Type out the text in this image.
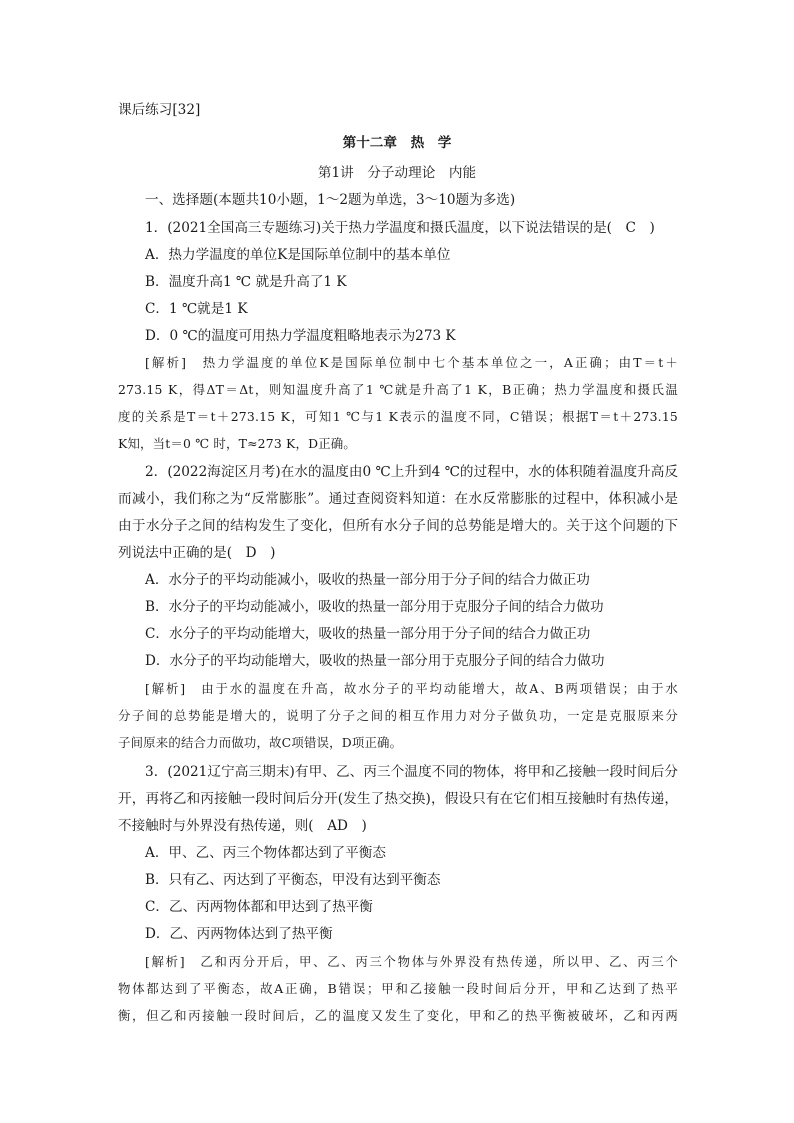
课后练习[32]
第十二章　热　学
第1讲　分子动理论　内能
一、选择题(本题共10小题，1～2题为单选，3～10题为多选)
1．(2021全国高三专题练习)关于热力学温度和摄氏温度，以下说法错误的是(　C　)
A．热力学温度的单位K是国际单位制中的基本单位
B．温度升高1 ℃ 就是升高了1 K
C．1 ℃就是1 K
D．0 ℃的温度可用热力学温度粗略地表示为273 K
[解析]　热力学温度的单位K是国际单位制中七个基本单位之一，A正确；由T＝t＋
273.15 K，得ΔT＝Δt，则知温度升高了1 ℃就是升高了1 K，B正确；热力学温度和摄氏温
度的关系是T＝t＋273.15 K，可知1 ℃与1 K表示的温度不同，C错误；根据T＝t＋273.15
K知，当t＝0 ℃ 时，T≈273 K，D正确。
2．(2022海淀区月考)在水的温度由0 ℃上升到4 ℃的过程中，水的体积随着温度升高反
而减小，我们称之为“反常膨胀”。通过查阅资料知道：在水反常膨胀的过程中，体积减小是
由于水分子之间的结构发生了变化，但所有水分子间的总势能是增大的。关于这个问题的下
列说法中正确的是(　D　)
A．水分子的平均动能减小，吸收的热量一部分用于分子间的结合力做正功
B．水分子的平均动能减小，吸收的热量一部分用于克服分子间的结合力做功
C．水分子的平均动能增大，吸收的热量一部分用于分子间的结合力做正功
D．水分子的平均动能增大，吸收的热量一部分用于克服分子间的结合力做功
[解析]　由于水的温度在升高，故水分子的平均动能增大，故A、B两项错误；由于水
分子间的总势能是增大的，说明了分子之间的相互作用力对分子做负功，一定是克服原来分
子间原来的结合力而做功，故C项错误，D项正确。
3．(2021辽宁高三期末)有甲、乙、丙三个温度不同的物体，将甲和乙接触一段时间后分
开，再将乙和丙接触一段时间后分开(发生了热交换)，假设只有在它们相互接触时有热传递，
不接触时与外界没有热传递，则(　AD　)
A．甲、乙、丙三个物体都达到了平衡态
B．只有乙、丙达到了平衡态，甲没有达到平衡态
C．乙、丙两物体都和甲达到了热平衡
D．乙、丙两物体达到了热平衡
[解析]　乙和丙分开后，甲、乙、丙三个物体与外界没有热传递，所以甲、乙、丙三个
物体都达到了平衡态，故A正确，B错误；甲和乙接触一段时间后分开，甲和乙达到了热平
衡，但乙和丙接触一段时间后，乙的温度又发生了变化，甲和乙的热平衡被破坏，乙和丙两
